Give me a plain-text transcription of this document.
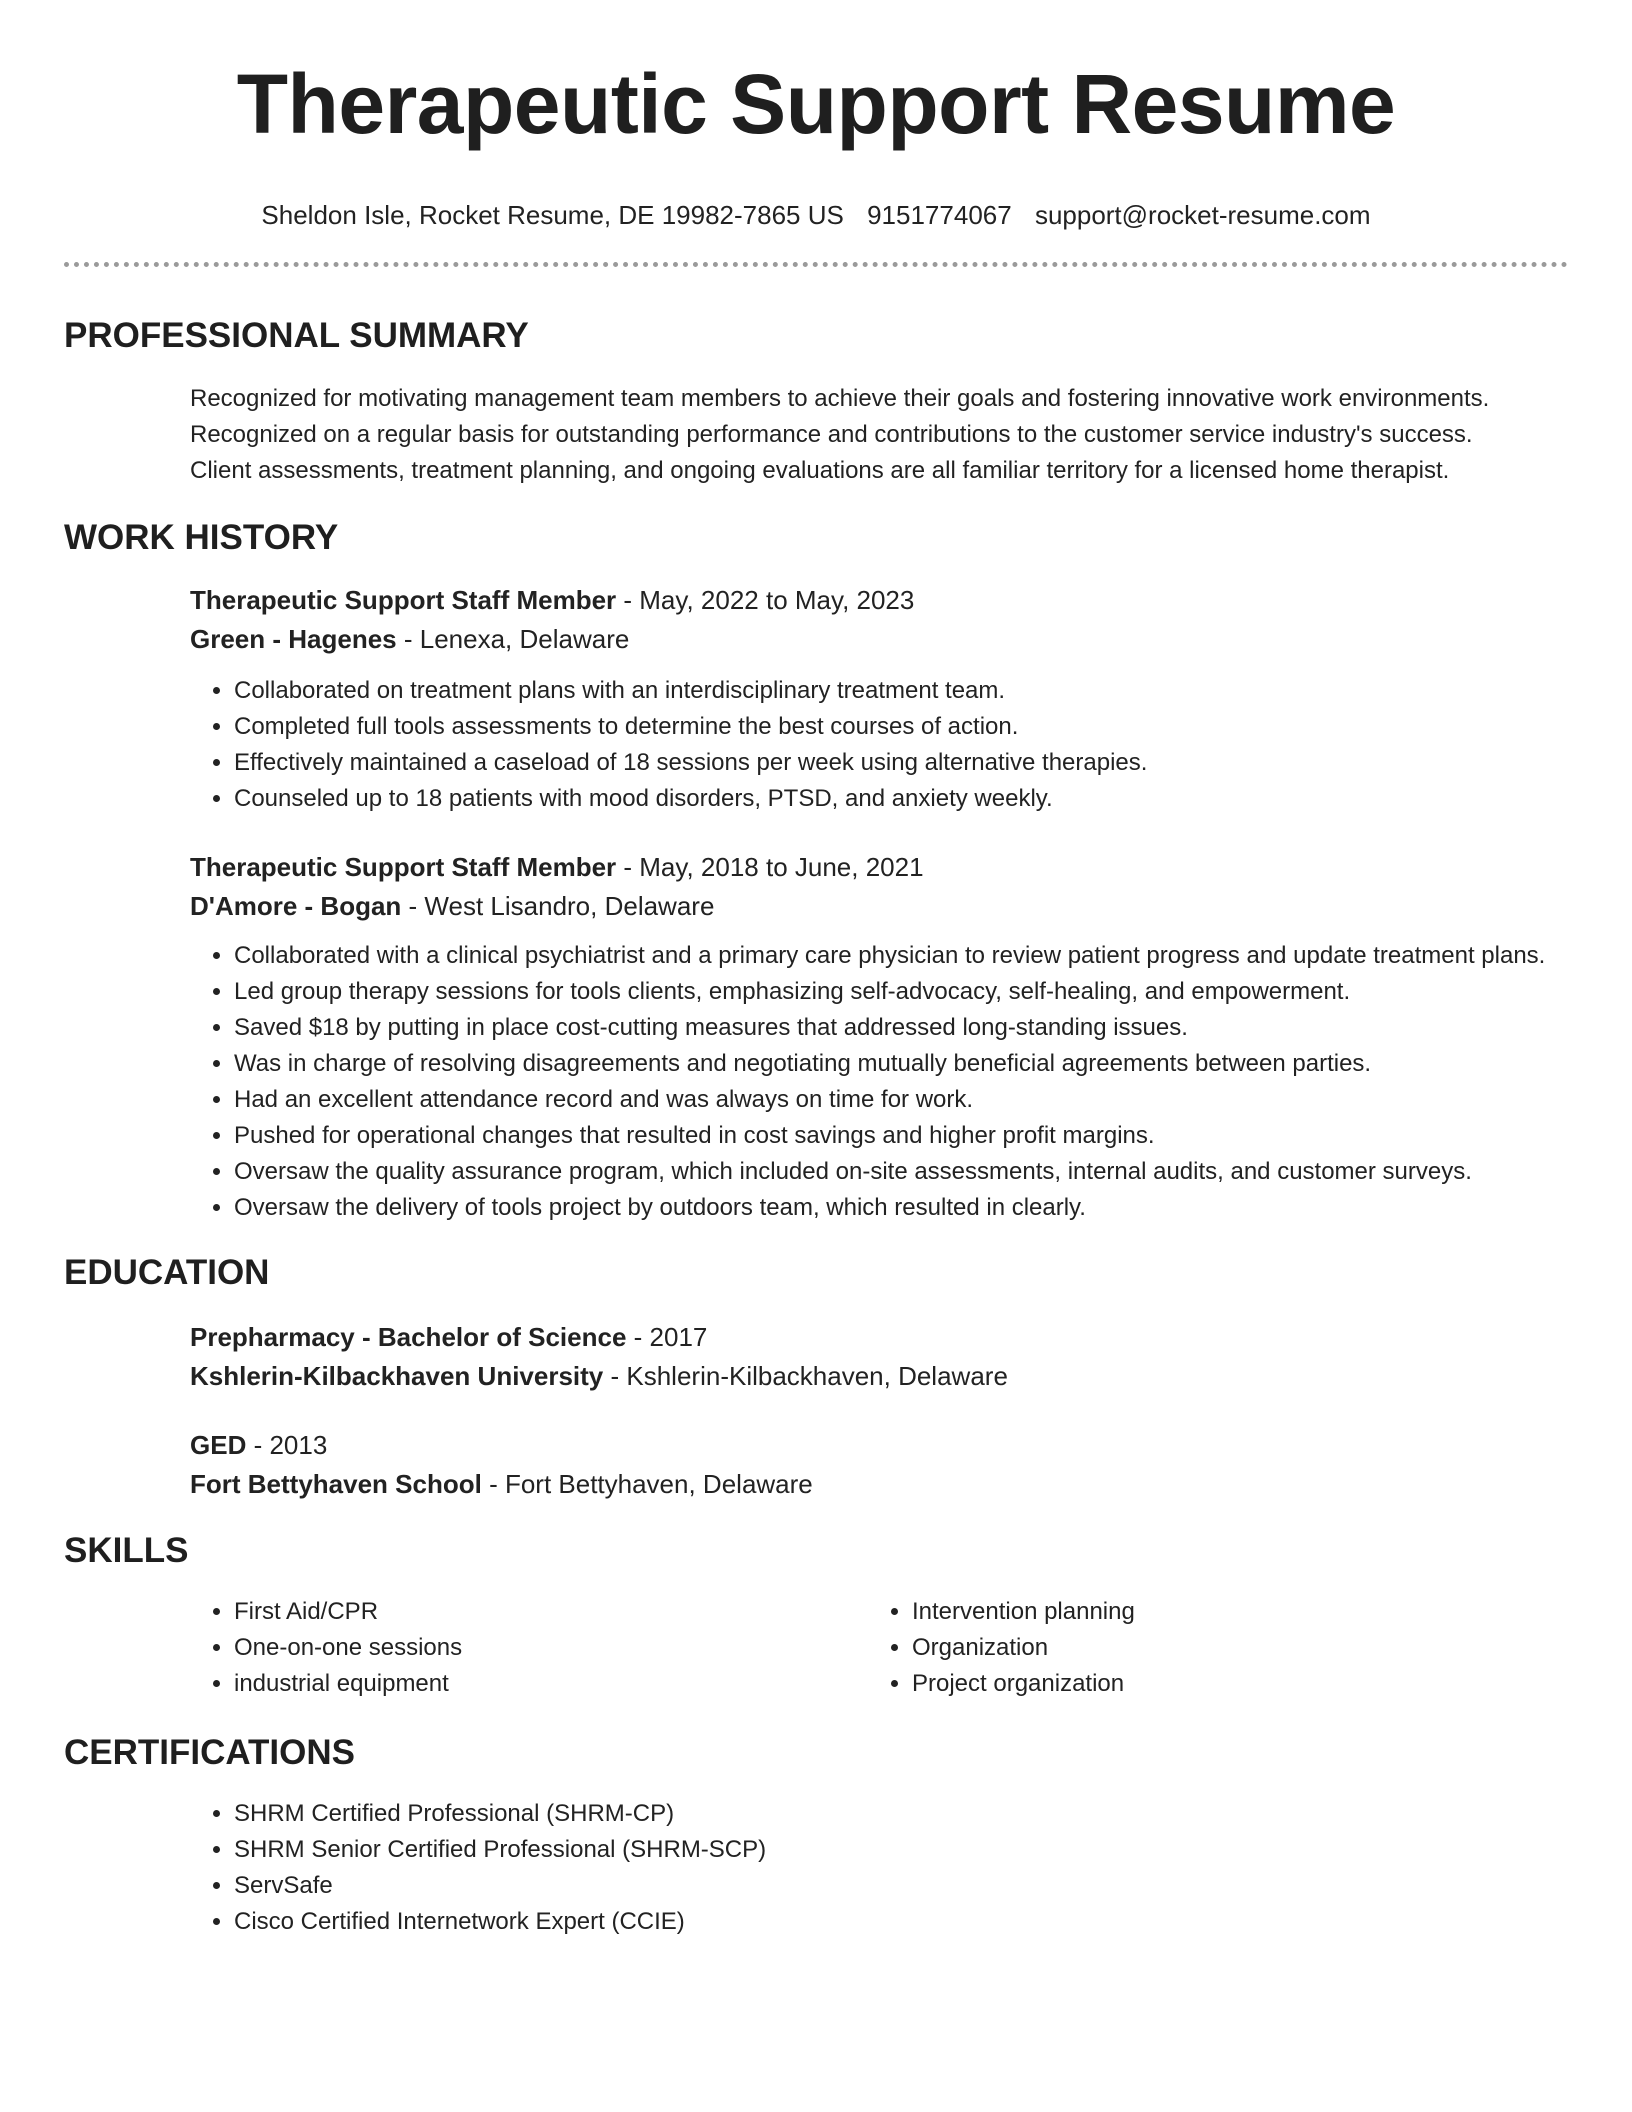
Therapeutic Support Resume
Sheldon Isle, Rocket Resume, DE 19982-7865 US 9151774067 support@rocket-resume.com
PROFESSIONAL SUMMARY

Recognized for motivating management team members to achieve their goals and fostering innovative work environments.

Recognized on a regular basis for outstanding performance and contributions to the customer service industry's success.

Client assessments, treatment planning, and ongoing evaluations are all familiar territory for a licensed home therapist.

WORK HISTORY

Therapeutic Support Staff Member - May, 2022 to May, 2023

Green - Hagenes - Lenexa, Delaware

• Collaborated on treatment plans with an interdisciplinary treatment team.
• Completed full tools assessments to determine the best courses of action.
• Effectively maintained a caseload of 18 sessions per week using alternative therapies.
• Counseled up to 18 patients with mood disorders, PTSD, and anxiety weekly.

Therapeutic Support Staff Member - May, 2018 to June, 2021

D'Amore - Bogan - West Lisandro, Delaware

• Collaborated with a clinical psychiatrist and a primary care physician to review patient progress and update treatment plans.
• Led group therapy sessions for tools clients, emphasizing self-advocacy, self-healing, and empowerment.
• Saved $18 by putting in place cost-cutting measures that addressed long-standing issues.
• Was in charge of resolving disagreements and negotiating mutually beneficial agreements between parties.
• Had an excellent attendance record and was always on time for work.
• Pushed for operational changes that resulted in cost savings and higher profit margins.
• Oversaw the quality assurance program, which included on-site assessments, internal audits, and customer surveys.
• Oversaw the delivery of tools project by outdoors team, which resulted in clearly.
EDUCATION

Prepharmacy - Bachelor of Science - 2017

Kshlerin-Kilbackhaven University - Kshlerin-Kilbackhaven, Delaware

GED - 2013

Fort Bettyhaven School - Fort Bettyhaven, Delaware

SKILLS
• First Aid/CPR
• One-on-one sessions
• industrial equipment
• Intervention planning
• Organization
• Project organization
CERTIFICATIONS
• SHRM Certified Professional (SHRM-CP)
• SHRM Senior Certified Professional (SHRM-SCP)
• ServSafe
• Cisco Certified Internetwork Expert (CCIE)
